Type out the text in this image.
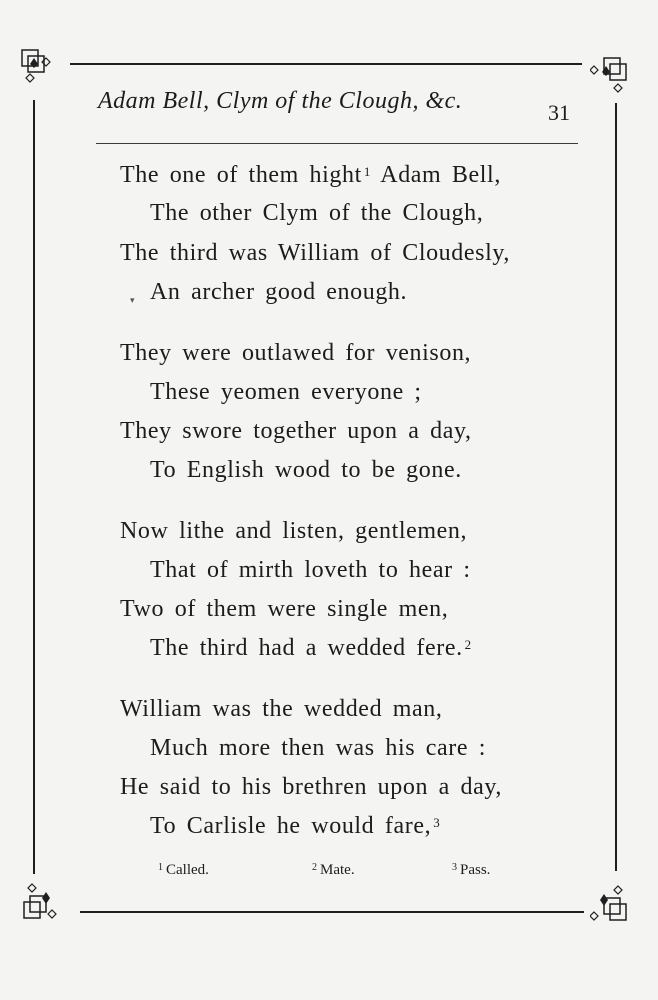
Adam Bell, Clym of the Clough, &c.	31
The one of them hight $^1$ Adam Bell,
The other Clym of the Clough,
The third was William of Cloudesly,
▾ An archer good enough.
They were outlawed for venison,
These yeomen everyone ;
They swore together upon a day,
To English wood to be gone.
Now lithe and listen, gentlemen,
That of mirth loveth to hear :
Two of them were single men,
The third had a wedded fere. $^2$
William was the wedded man,
Much more then was his care :
He said to his brethren upon a day,
To Carlisle he would fare, $^3$
$^1$ Called.	$^2$ Mate.	$^3$ Pass.
